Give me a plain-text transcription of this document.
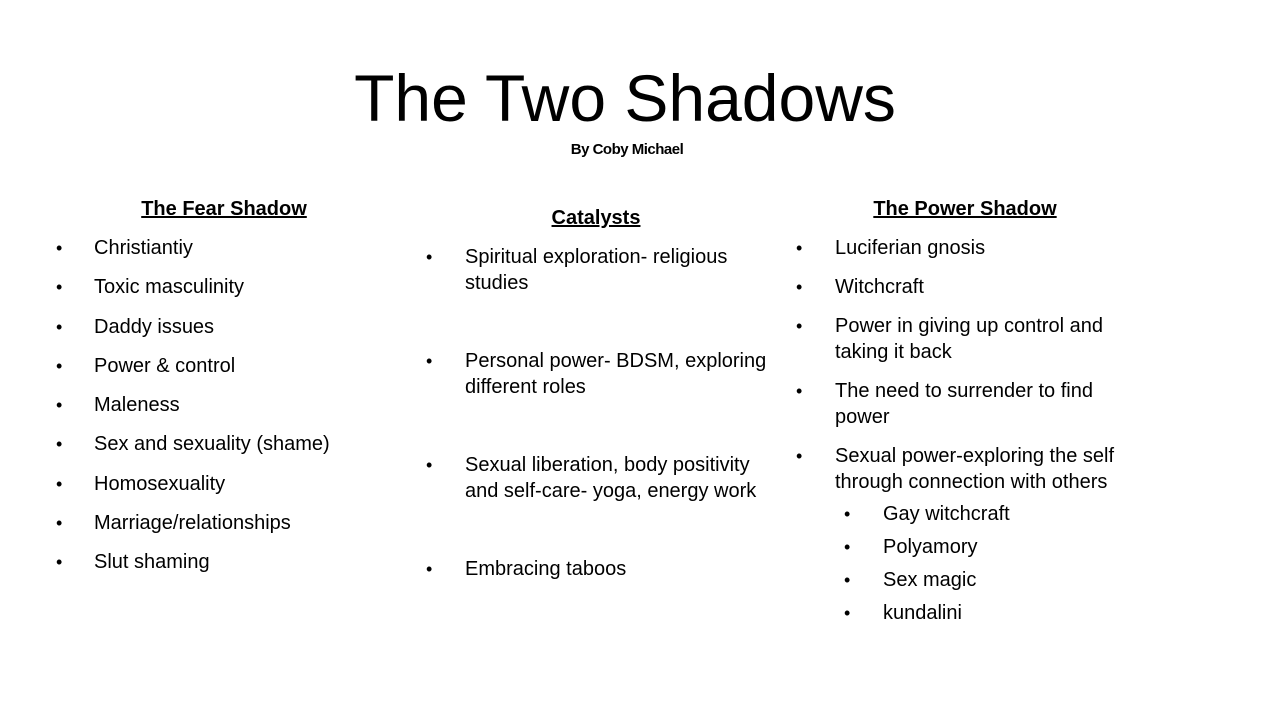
The Two Shadows
By Coby Michael
The Fear Shadow
• Christiantiy
• Toxic masculinity
• Daddy issues
• Power & control
• Maleness
• Sex and sexuality (shame)
• Homosexuality
• Marriage/relationships
• Slut shaming
Catalysts
• Spiritual exploration- religious studies
• Personal power- BDSM, exploring different roles
• Sexual liberation, body positivity and self-care- yoga, energy work
• Embracing taboos
The Power Shadow
• Luciferian gnosis
• Witchcraft
• Power in giving up control and taking it back
• The need to surrender to find power
• Sexual power-exploring the self through connection with others
• Gay witchcraft
• Polyamory
• Sex magic
• kundalini
